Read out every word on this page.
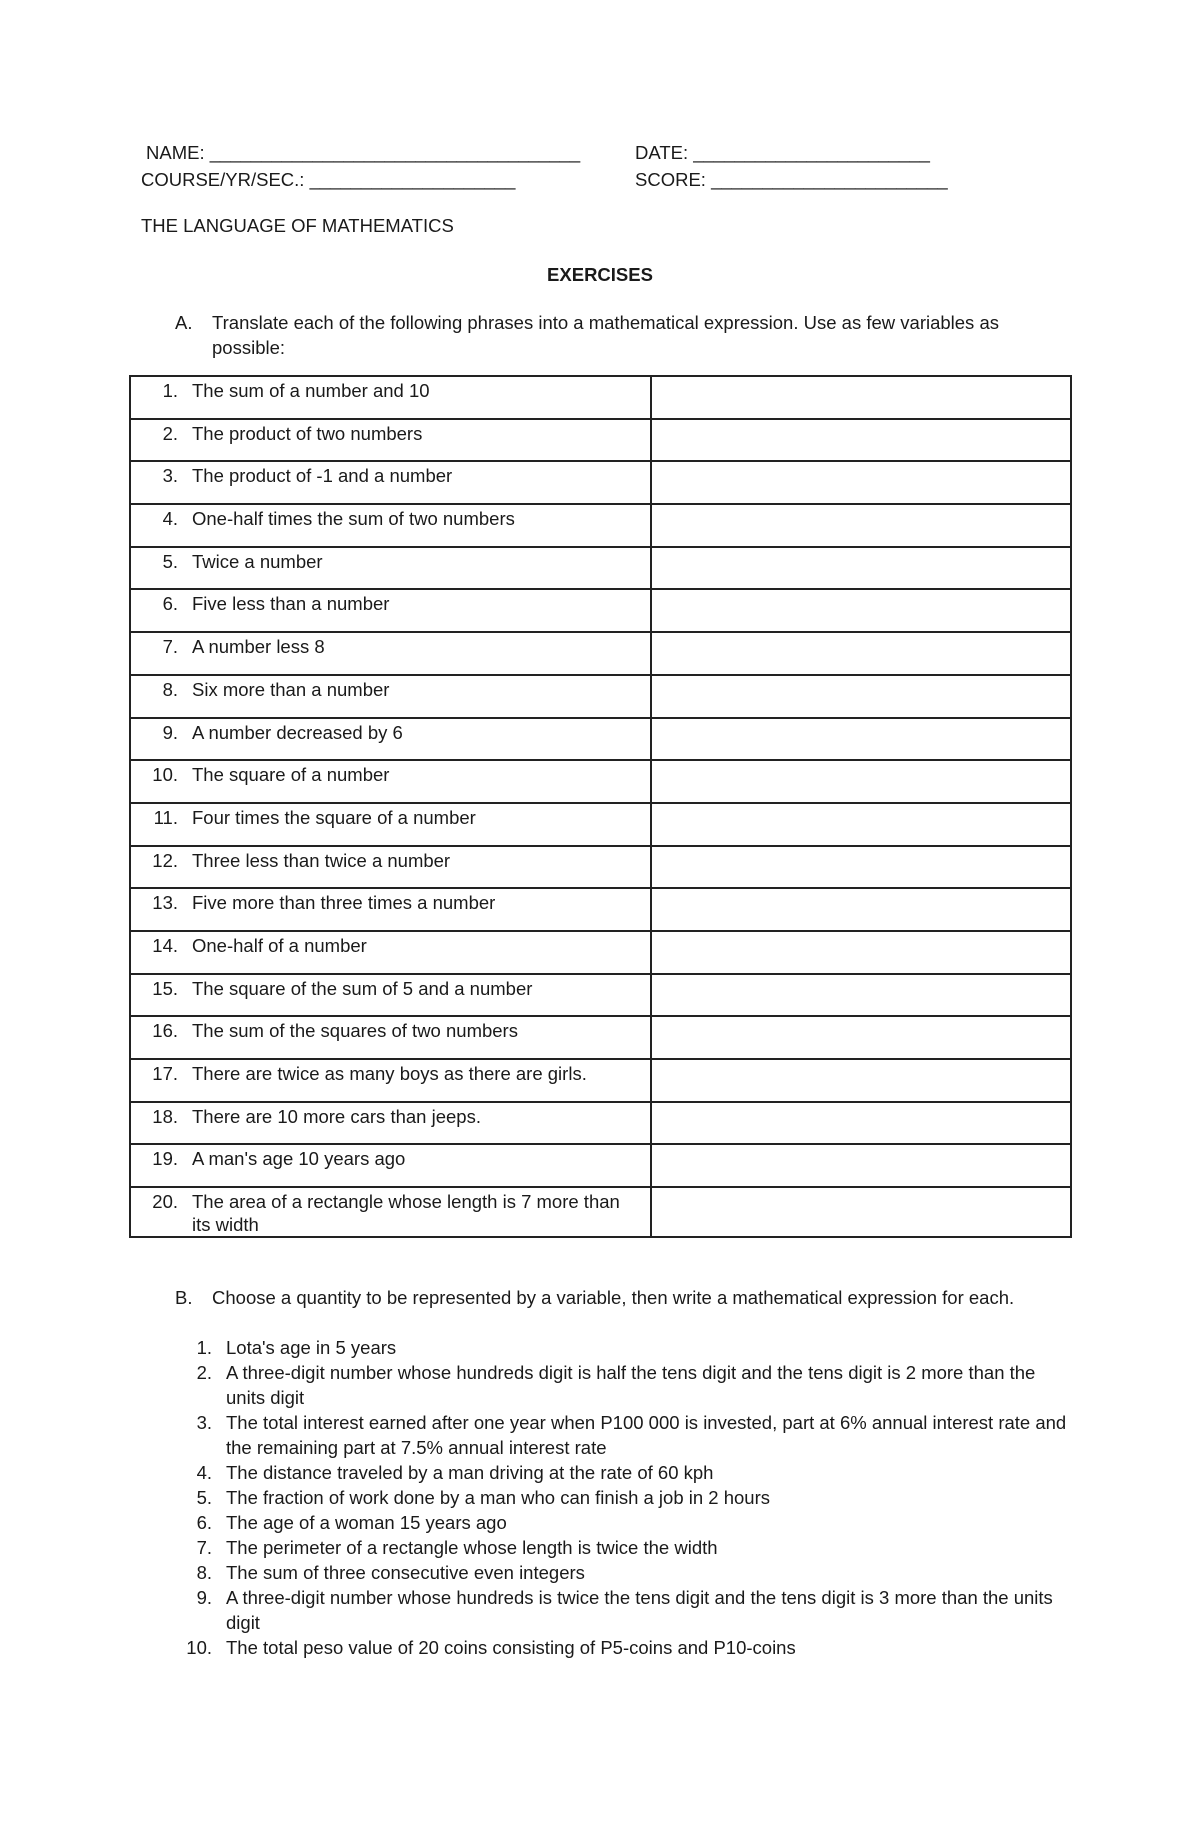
NAME: ____________________________________	DATE: _______________________
COURSE/YR/SEC.: ____________________	SCORE: _______________________
THE LANGUAGE OF MATHEMATICS
EXERCISES
A. Translate each of the following phrases into a mathematical expression. Use as few variables as possible:
1. The sum of a number and 10	

2. The product of two numbers	

3. The product of -1 and a number	

4. One-half times the sum of two numbers	

5. Twice a number	

6. Five less than a number	

7. A number less 8	

8. Six more than a number	

9. A number decreased by 6	

10. The square of a number	

11. Four times the square of a number	

12. Three less than twice a number	

13. Five more than three times a number	

14. One-half of a number	

15. The square of the sum of 5 and a number	

16. The sum of the squares of two numbers	

17. There are twice as many boys as there are girls.	

18. There are 10 more cars than jeeps.	

19. A man's age 10 years ago	

20. The area of a rectangle whose length is 7 more than its width	

B. Choose a quantity to be represented by a variable, then write a mathematical expression for each.
1. Lota's age in 5 years
2. A three-digit number whose hundreds digit is half the tens digit and the tens digit is 2 more than the units digit
3. The total interest earned after one year when P100 000 is invested, part at 6% annual interest rate and the remaining part at 7.5% annual interest rate
4. The distance traveled by a man driving at the rate of 60 kph
5. The fraction of work done by a man who can finish a job in 2 hours
6. The age of a woman 15 years ago
7. The perimeter of a rectangle whose length is twice the width
8. The sum of three consecutive even integers
9. A three-digit number whose hundreds is twice the tens digit and the tens digit is 3 more than the units digit
10. The total peso value of 20 coins consisting of P5-coins and P10-coins
